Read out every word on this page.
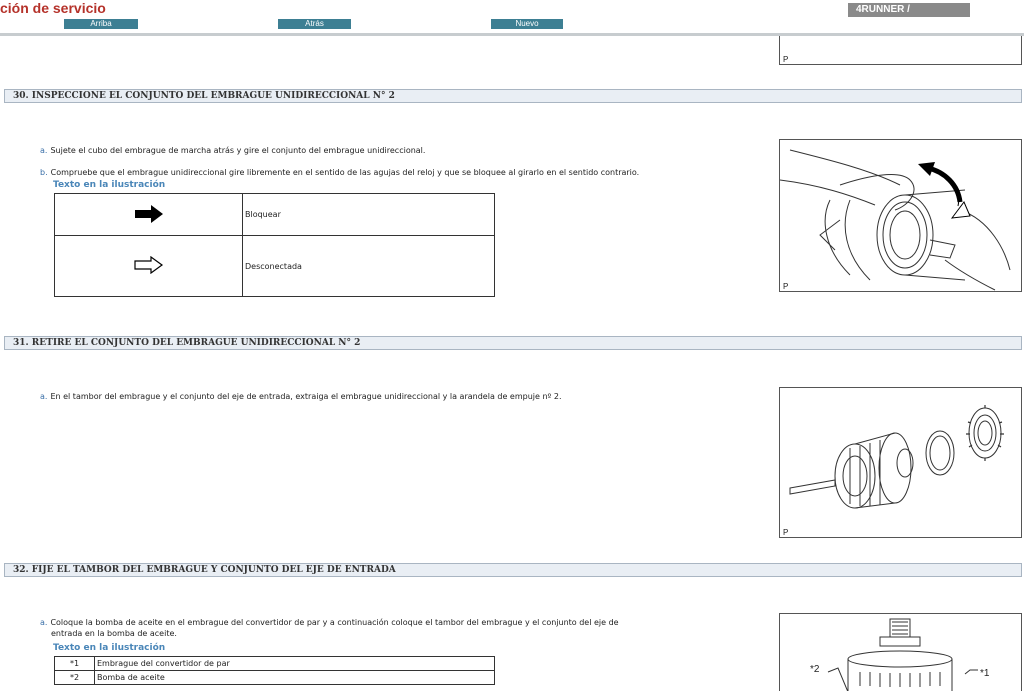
ción de servicio
Arriba	Atrás	Nuevo
4RUNNER /
P
30. INSPECCIONE EL CONJUNTO DEL EMBRAGUE UNIDIRECCIONAL N° 2
a. Sujete el cubo del embrague de marcha atrás y gire el conjunto del embrague unidireccional.
b. Compruebe que el embrague unidireccional gire libremente en el sentido de las agujas del reloj y que se bloquee al girarlo en el sentido contrario.
Texto en la ilustración
	Bloquear
	Desconectada
P
31. RETIRE EL CONJUNTO DEL EMBRAGUE UNIDIRECCIONAL N° 2
a. En el tambor del embrague y el conjunto del eje de entrada, extraiga el embrague unidireccional y la arandela de empuje nº 2.
P
32. FIJE EL TAMBOR DEL EMBRAGUE Y CONJUNTO DEL EJE DE ENTRADA
a. Coloque la bomba de aceite en el embrague del convertidor de par y a continuación coloque el tambor del embrague y el conjunto del eje de
entrada en la bomba de aceite.
Texto en la ilustración
*1	Embrague del convertidor de par
*2	Bomba de aceite
*2	*1
